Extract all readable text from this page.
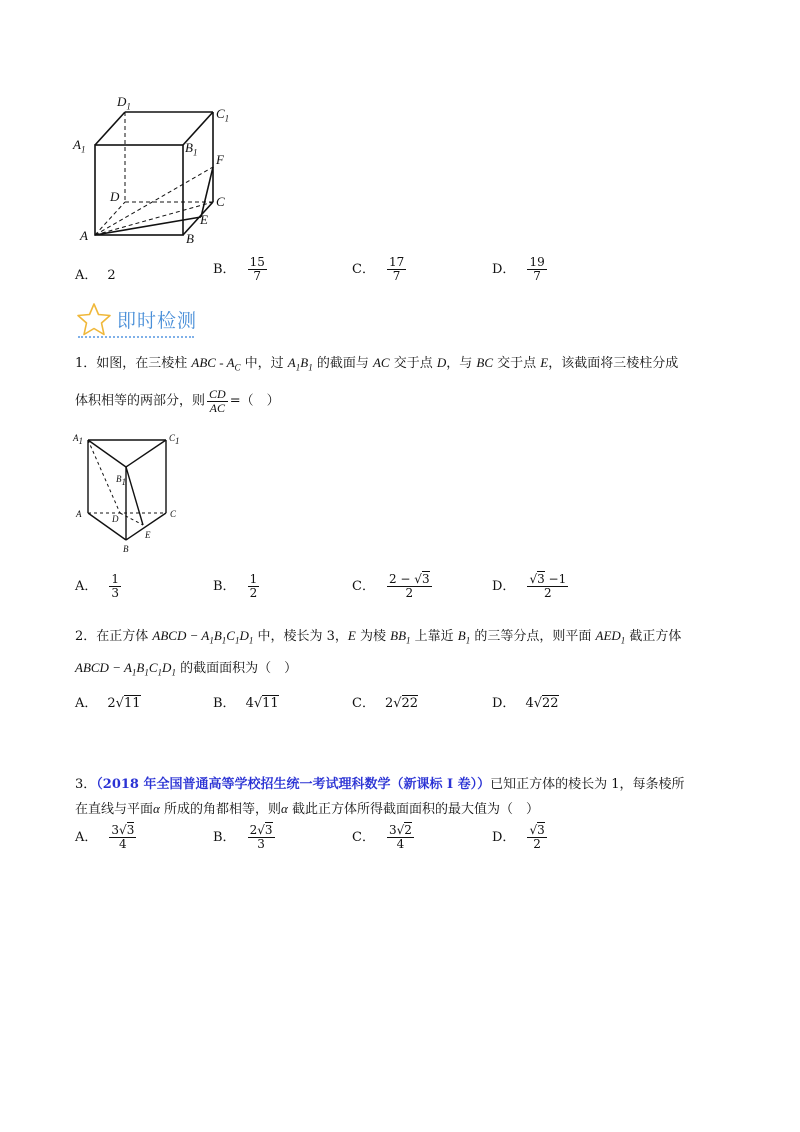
$D_1$	$C_1$
$A_1$	$B_1$ F
D	C
E
A	B
A． 2	B． $\frac{15}{7}$	C． $\frac{17}{7}$	D． $\frac{19}{7}$
即时检测
1．如图，在三棱柱 ABC - $A_C$ 中，过 $A_1B_1$ 的截面与 AC 交于点 D，与 BC 交于点 E，该截面将三棱柱分成
体积相等的两部分，则 $\frac{CD}{AC}$ =（　）
$A_1$	$C_1$
$B_1$
A	D	C
E
B
A． $\frac{1}{3}$	B． $\frac{1}{2}$	C． $\frac{2 - √3}{2}$	D． $\frac{√3 -1}{2}$
2．在正方体 ABCD − $A_1B_1C_1D_1$ 中，棱长为 3，E 为棱 $BB_1$ 上靠近 $B_1$ 的三等分点，则平面 $AED_1$ 截正方体
ABCD − $A_1B_1C_1D_1$ 的截面面积为（　）
A． 2√11	B． 4√11	C． 2√22	D． 4√22
3．（2018 年全国普通高等学校招生统一考试理科数学（新课标 I 卷））已知正方体的棱长为 1，每条棱所
在直线与平面α 所成的角都相等，则α 截此正方体所得截面面积的最大值为（　）
A． $\frac{3√3}{4}$	B． $\frac{2√3}{3}$	C． $\frac{3√2}{4}$	D． $\frac{√3}{2}$
